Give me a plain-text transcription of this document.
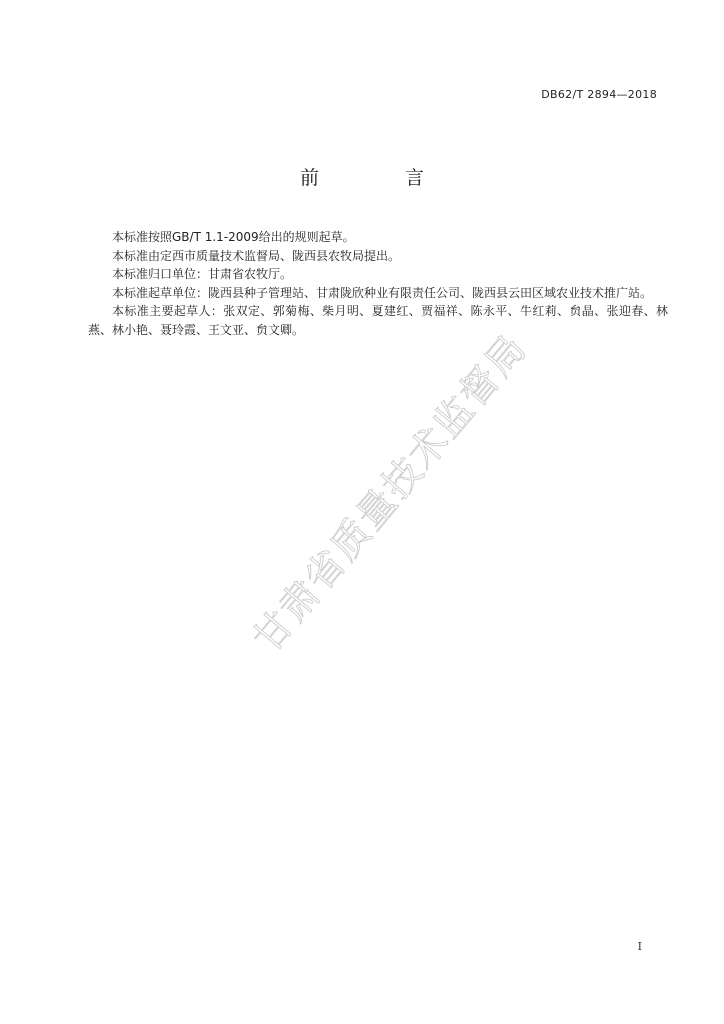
DB62/T 2894—2018
前 言

本标准按照GB/T 1.1-2009给出的规则起草。

本标准由定西市质量技术监督局、陇西县农牧局提出。

本标准归口单位：甘肃省农牧厅。

本标准起草单位：陇西县种子管理站、甘肃陇欣种业有限责任公司、陇西县云田区域农业技术推广站。

本标准主要起草人：张双定、郭菊梅、柴月明、夏建红、贾福祥、陈永平、牛红莉、贠晶、张迎春、林燕、林小艳、聂玲霞、王文亚、贠文卿。

甘肃省质量技术监督局
I
